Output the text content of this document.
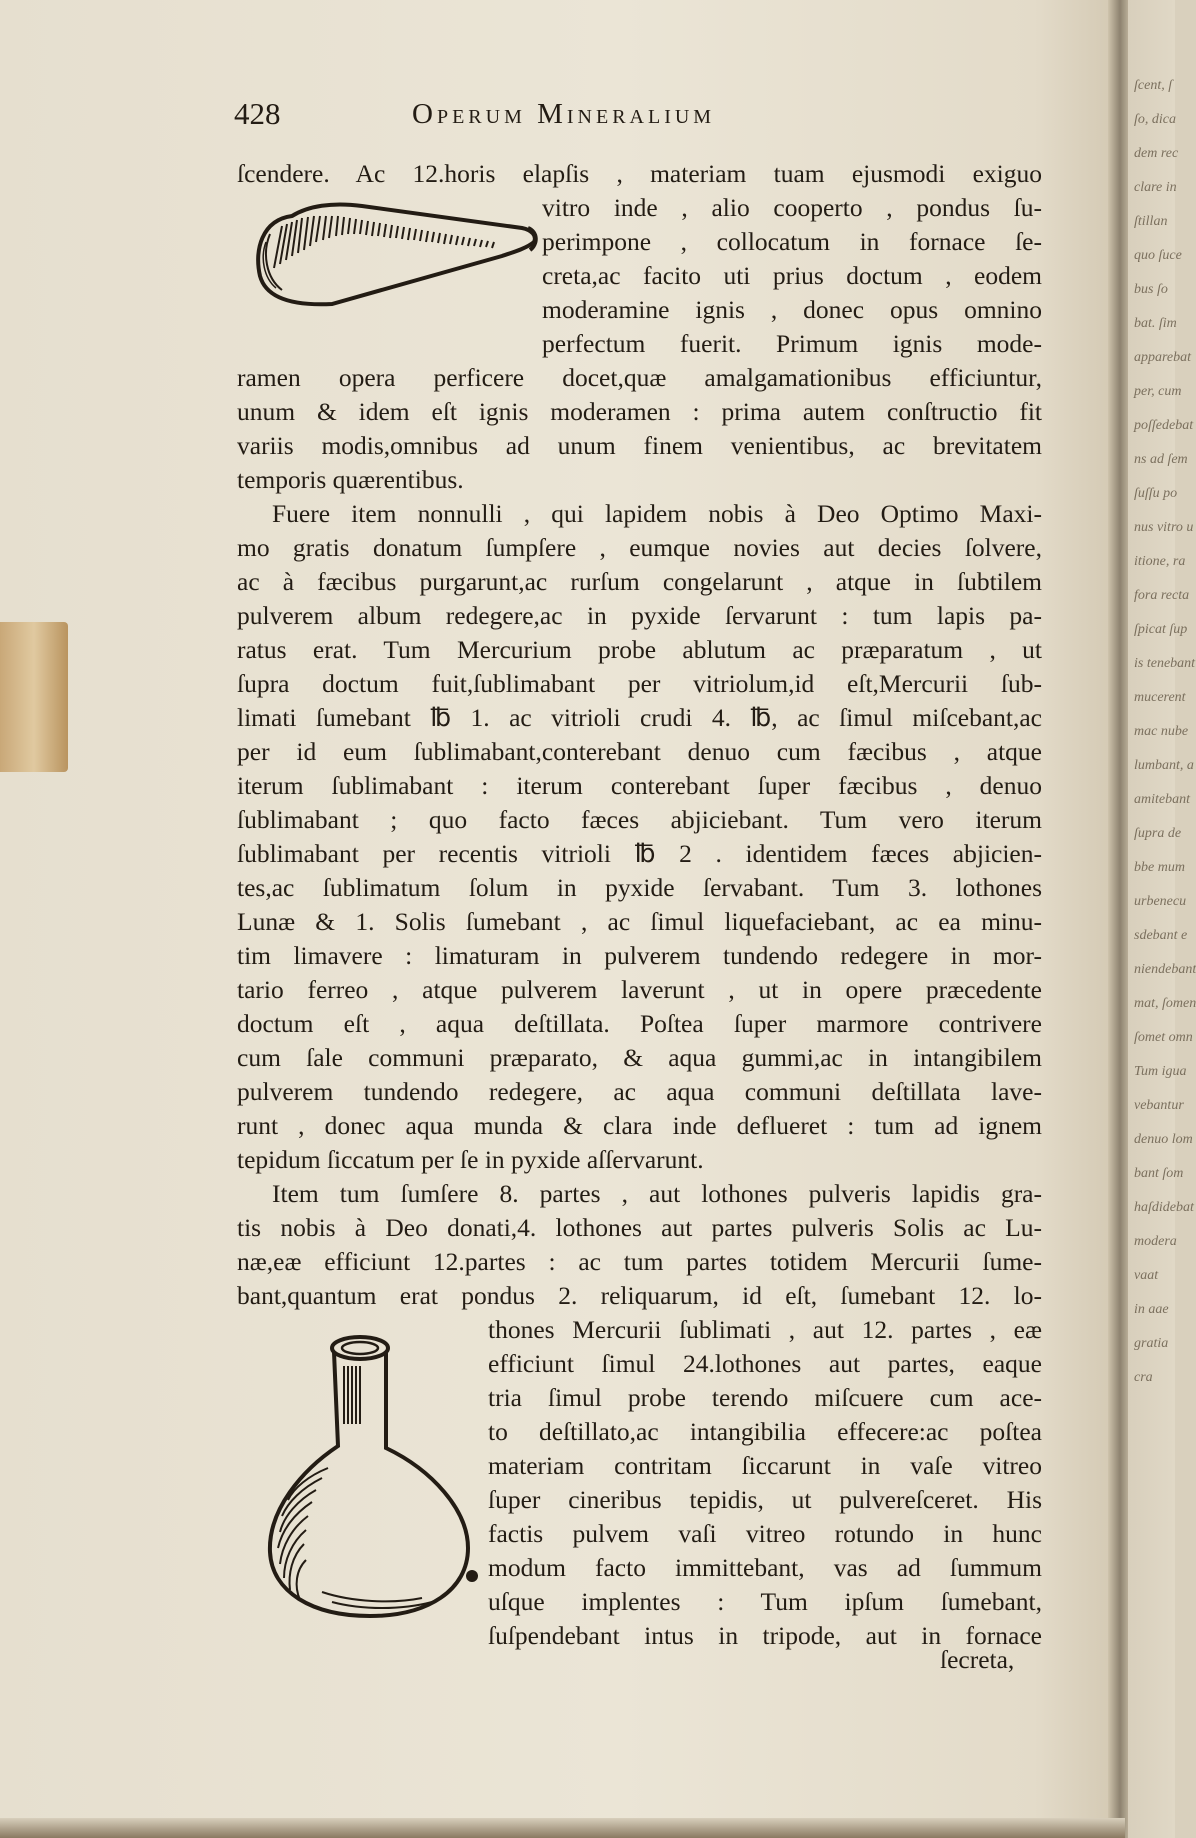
ſcent, ſ
ſo, dica
dem rec
clare in
ſtillan
quo ſuce
bus ſo
bat. ſim
apparebat
per, cum
poſſedebat
ns ad ſem
ſuſſu po
nus vitro u
itione, ra
fora recta
ſpicat ſup
is tenebant
mucerent
mac nube
lumbant, a
amitebant
ſupra de
bbe mum
urbenecu
sdebant e
niendebant
mat, ſomen
ſomet omn
Tum igua
vebantur
denuo lom
bant ſom
haſdidebat
modera
vaat
in aae
gratia
cra
428	Operum Mineralium
ſcendere. Ac 12.horis elapſis , materiam tuam ejusmodi exiguo
vitro inde , alio cooperto , pondus ſu-
perimpone , collocatum in fornace ſe-
creta,ac facito uti prius doctum , eodem
moderamine ignis , donec opus omnino
perfectum fuerit. Primum ignis mode-
ramen opera perficere docet,quæ amalgamationibus efficiuntur,
unum & idem eſt ignis moderamen : prima autem conſtructio fit
variis modis,omnibus ad unum finem venientibus, ac brevitatem
temporis quærentibus.
Fuere item nonnulli , qui lapidem nobis à Deo Optimo Maxi-
mo gratis donatum ſumpſere , eumque novies aut decies ſolvere,
ac à fæcibus purgarunt,ac rurſum congelarunt , atque in ſubtilem
pulverem album redegere,ac in pyxide ſervarunt : tum lapis pa-
ratus erat. Tum Mercurium probe ablutum ac præparatum , ut
ſupra doctum fuit,ſublimabant per vitriolum,id eſt,Mercurii ſub-
limati ſumebant ℔ 1. ac vitrioli crudi 4. ℔, ac ſimul miſcebant,ac
per id eum ſublimabant,conterebant denuo cum fæcibus , atque
iterum ſublimabant : iterum conterebant ſuper fæcibus , denuo
ſublimabant ; quo facto fæces abjiciebant. Tum vero iterum
ſublimabant per recentis vitrioli ℔ 2 . identidem fæces abjicien-
tes,ac ſublimatum ſolum in pyxide ſervabant. Tum 3. lothones
Lunæ & 1. Solis ſumebant , ac ſimul liquefaciebant, ac ea minu-
tim limavere : limaturam in pulverem tundendo redegere in mor-
tario ferreo , atque pulverem laverunt , ut in opere præcedente
doctum eſt , aqua deſtillata. Poſtea ſuper marmore contrivere
cum ſale communi præparato, & aqua gummi,ac in intangibilem
pulverem tundendo redegere, ac aqua communi deſtillata lave-
runt , donec aqua munda & clara inde deflueret : tum ad ignem
tepidum ſiccatum per ſe in pyxide aſſervarunt.
Item tum ſumſere 8. partes , aut lothones pulveris lapidis gra-
tis nobis à Deo donati,4. lothones aut partes pulveris Solis ac Lu-
næ,eæ efficiunt 12.partes : ac tum partes totidem Mercurii ſume-
bant,quantum erat pondus 2. reliquarum, id eſt, ſumebant 12. lo-
thones Mercurii ſublimati , aut 12. partes , eæ
efficiunt ſimul 24.lothones aut partes, eaque
tria ſimul probe terendo miſcuere cum ace-
to deſtillato,ac intangibilia effecere:ac poſtea
materiam contritam ſiccarunt in vaſe vitreo
ſuper cineribus tepidis, ut pulvereſceret. His
factis pulvem vaſi vitreo rotundo in hunc
modum facto immittebant, vas ad ſummum
uſque implentes : Tum ipſum ſumebant,
ſuſpendebant intus in tripode, aut in fornace
ſecreta,
